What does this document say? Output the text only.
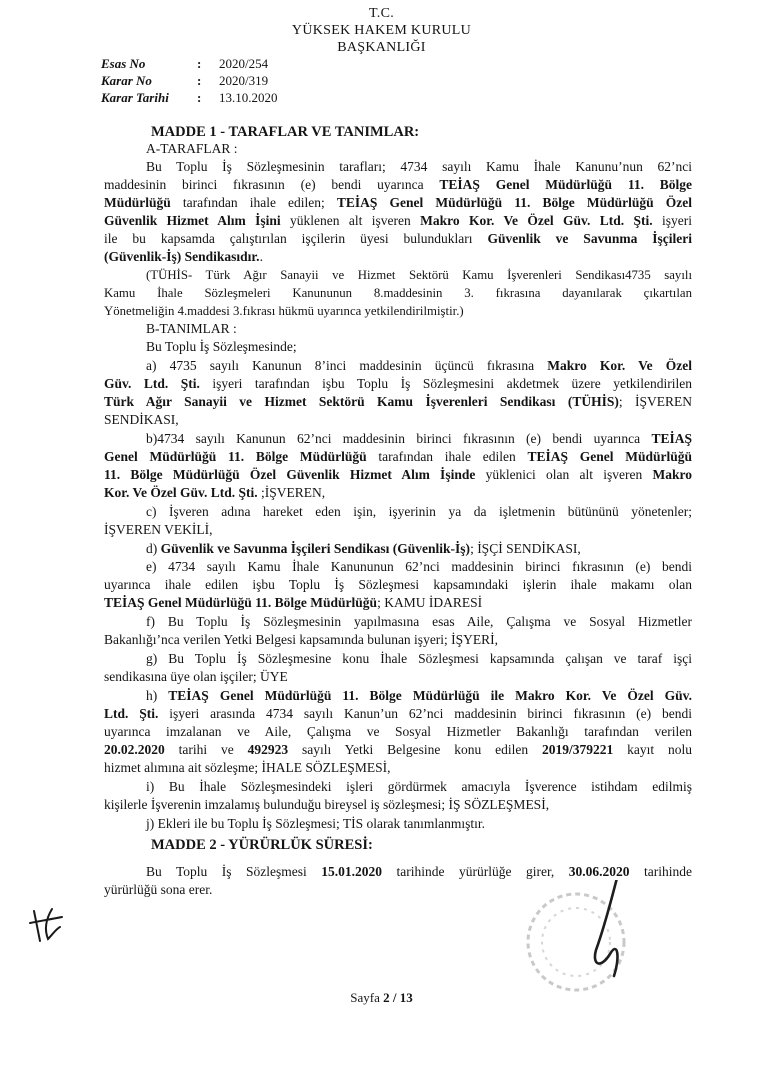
T.C.
YÜKSEK HAKEM KURULU
BAŞKANLIĞI
Esas No	: 2020/254
Karar No	: 2020/319
Karar Tarihi : 13.10.2020
MADDE 1 - TARAFLAR VE TANIMLAR:
A-TARAFLAR :
B-TANIMLAR :
Bu Toplu İş Sözleşmesinin tarafları; 4734 sayılı Kamu İhale Kanunu’nun 62’nci
maddesinin birinci fıkrasının (e) bendi uyarınca TEİAŞ Genel Müdürlüğü 11. Bölge
Müdürlüğü tarafından ihale edilen; TEİAŞ Genel Müdürlüğü 11. Bölge Müdürlüğü Özel
Güvenlik Hizmet Alım İşini yüklenen alt işveren Makro Kor. Ve Özel Güv. Ltd. Şti. işyeri
ile bu kapsamda çalıştırılan işçilerin üyesi bulundukları Güvenlik ve Savunma İşçileri
(Güvenlik-İş) Sendikasıdır..
(TÜHİS- Türk Ağır Sanayii ve Hizmet Sektörü Kamu İşverenleri Sendikası4735 sayılı
Kamu İhale Sözleşmeleri Kanununun 8.maddesinin 3. fıkrasına dayanılarak çıkartılan
Yönetmeliğin 4.maddesi 3.fıkrası hükmü uyarınca yetkilendirilmiştir.)
Bu Toplu İş Sözleşmesinde;
a) 4735 sayılı Kanunun 8’inci maddesinin üçüncü fıkrasına Makro Kor. Ve Özel
Güv. Ltd. Şti. işyeri tarafından işbu Toplu İş Sözleşmesini akdetmek üzere yetkilendirilen
Türk Ağır Sanayii ve Hizmet Sektörü Kamu İşverenleri Sendikası (TÜHİS); İŞVEREN
SENDİKASI,
b)4734 sayılı Kanunun 62’nci maddesinin birinci fıkrasının (e) bendi uyarınca TEİAŞ
Genel Müdürlüğü 11. Bölge Müdürlüğü tarafından ihale edilen TEİAŞ Genel Müdürlüğü
11. Bölge Müdürlüğü Özel Güvenlik Hizmet Alım İşinde yüklenici olan alt işveren Makro
Kor. Ve Özel Güv. Ltd. Şti. ;İŞVEREN,
c) İşveren adına hareket eden işin, işyerinin ya da işletmenin bütününü yönetenler;
İŞVEREN VEKİLİ,
d) Güvenlik ve Savunma İşçileri Sendikası (Güvenlik-İş); İŞÇİ SENDİKASI,
e) 4734 sayılı Kamu İhale Kanununun 62’nci maddesinin birinci fıkrasının (e) bendi
uyarınca ihale edilen işbu Toplu İş Sözleşmesi kapsamındaki işlerin ihale makamı olan
TEİAŞ Genel Müdürlüğü 11. Bölge Müdürlüğü; KAMU İDARESİ
f) Bu Toplu İş Sözleşmesinin yapılmasına esas Aile, Çalışma ve Sosyal Hizmetler
Bakanlığı’nca verilen Yetki Belgesi kapsamında bulunan işyeri; İŞYERİ,
g) Bu Toplu İş Sözleşmesine konu İhale Sözleşmesi kapsamında çalışan ve taraf işçi
sendikasına üye olan işçiler; ÜYE
h) TEİAŞ Genel Müdürlüğü 11. Bölge Müdürlüğü ile Makro Kor. Ve Özel Güv.
Ltd. Şti. işyeri arasında 4734 sayılı Kanun’un 62’nci maddesinin birinci fıkrasının (e) bendi
uyarınca imzalanan ve Aile, Çalışma ve Sosyal Hizmetler Bakanlığı tarafından verilen
20.02.2020 tarihi ve 492923 sayılı Yetki Belgesine konu edilen 2019/379221 kayıt nolu
hizmet alımına ait sözleşme; İHALE SÖZLEŞMESİ,
i) Bu İhale Sözleşmesindeki işleri gördürmek amacıyla İşverence istihdam edilmiş
kişilerle İşverenin imzalamış bulunduğu bireysel iş sözleşmesi; İŞ SÖZLEŞMESİ,
j) Ekleri ile bu Toplu İş Sözleşmesi; TİS olarak tanımlanmıştır.
Bu Toplu İş Sözleşmesi 15.01.2020 tarihinde yürürlüğe girer, 30.06.2020 tarihinde
yürürlüğü sona erer.
MADDE 2 - YÜRÜRLÜK SÜRESİ:
Sayfa 2 / 13
